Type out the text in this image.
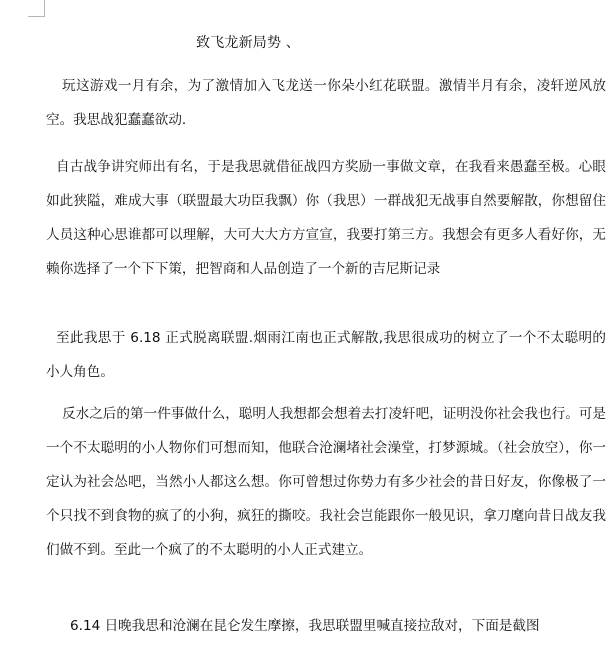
致飞龙新局势 、

玩这游戏一月有余，为了激情加入飞龙送一你朵小红花联盟。激情半月有余，凌轩逆风放空。我思战犯蠢蠢欲动.

自古战争讲究师出有名，于是我思就借征战四方奖励一事做文章，在我看来愚蠢至极。心眼如此狭隘，难成大事（联盟最大功臣我飘）你（我思）一群战犯无战事自然要解散，你想留住人员这种心思谁都可以理解，大可大大方方宣宣，我要打第三方。我想会有更多人看好你，无赖你选择了一个下下策，把智商和人品创造了一个新的吉尼斯记录

至此我思于 6.18 正式脱离联盟.烟雨江南也正式解散,我思很成功的树立了一个不太聪明的小人角色。

反水之后的第一件事做什么，聪明人我想都会想着去打凌轩吧，证明没你社会我也行。可是一个不太聪明的小人物你们可想而知，他联合沧澜堵社会澡堂，打梦源城。（社会放空），你一定认为社会怂吧，当然小人都这么想。你可曾想过你势力有多少社会的昔日好友，你像极了一个只找不到食物的疯了的小狗，疯狂的撕咬。我社会岂能跟你一般见识，拿刀麾向昔日战友我们做不到。至此一个疯了的不太聪明的小人正式建立。

6.14 日晚我思和沧澜在昆仑发生摩擦，我思联盟里喊直接拉敌对，下面是截图
